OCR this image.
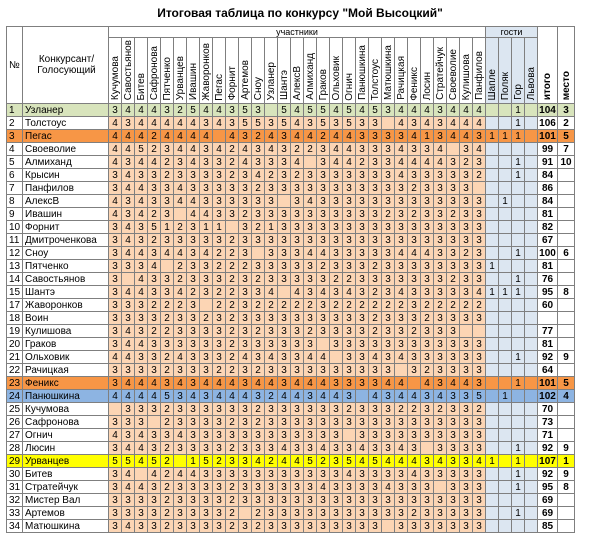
Итоговая таблица по конкурсу "Мой Высоцкий"
№	Конкурсант/ Голосующий	участники																													гости				итого	место
		Кучумова	Савостьянов	Битев	Сафронова	Пятченко	Урванцев	Ивашин	Жаворонков	Пегас	Форнит	Артемов	Сноу	Узланер	Шантэ	АлексВ	Алмиханд	Граков	Ольховик	Огнич	Панюшкина	Толстоус	Матюшкина	Рачицкая	Феникс	Лосин	Стратейчук	Своеволие	Кулишова	Панфилов	Шапле	Поляк	Гор	Львова		
1	Узланер	3	4	4	4	3	2	5	4	4	3	5	3		5	4	5	5	4	5	4	5	3	4	4	4	3	4	4	4			1		104	3
2	Толстоус	4	3	4	4	4	4	4	3	4	3	5	5	3	5	4	3	5	3	5	3	3		4	3	4	3	4	4	4			1		106	2
3	Пегас	4	4	4	2	4	4	4	4		4	3	2	4	3	4	4	2	4	4	3	3	3	3	4	1	3	4	4	3	1	1	1		101	5
4	Своеволие	4	4	5	2	3	4	4	3	4	2	4	3	4	3	2	2	3	4	4	3	3	3	4	3	3	4		3	4					99	7
5	Алмиханд	4	3	4	4	2	3	4	3	3	2	4	3	3	3	4		3	4	4	2	3	3	4	4	4	4	3	2	3			1		91	10
6	Крысин	3	4	3	3	2	3	3	3	3	2	3	4	2	3	2	3	3	3	3	3	3	3	4	3	3	3	3	3	2			1		84	
7	Панфилов	3	4	4	3	3	4	3	3	3	3	3	2	3	3	3	3	3	3	3	3	3	3	3	2	3	3	3	3						86	
8	АлексВ	4	3	4	3	3	4	4	3	3	3	3	3	3		3	4	3	3	3	3	3	3	3	3	3	3	3	3	3		1			84	
9	Ивашин	4	3	4	2	3		4	4	3	3	2	3	3	3	3	3	3	3	3	3	3	2	3	2	3	3	2	3	3					81	
10	Форнит	3	4	3	5	1	2	3	1	1		3	2	1	3	3	3	3	3	3	3	3	3	3	3	3	3	3	3	3					82	
11	Дмитроченкова	3	4	3	2	3	3	3	3	3	2	3	3	3	3	3	3	3	3	3	3	3	3	3	3	3	3	3	3	3					67	
12	Сноу	3	4	4	3	4	4	3	4	2	2	3		3	3	3	4	4	3	3	3	3	3	4	4	4	3	3	2	3			1		100	6
13	Пятченко	3	3	3	4		2	3	3	2	2	2	3	3	3	3	3	2	3	3	3	2	3	3	3	3	3	3	3	3	1				81	
14	Савостьянов	3		4	3	3	2	3	3	3	2	3	2	3	3	3	3	3	2	2	3	3	3	3	3	3	3	2	3	3			1		76	
15	Шантэ	3	4	4	3	3	4	2	3	2	2	3	3	4		4	3	4	3	4	3	2	3	4	3	3	3	3	3	4	1	1	1		95	8
17	Жаворонков	3	3	3	2	2	2	3		2	2	3	2	2	2	2	2	3	2	2	2	2	2	2	3	2	2	2	2	2					60	
18	Воин	3	3	3	3	2	3	3	2	3	2	3	3	3	3	3	3	3	3	3	3	2	3	3	3	2	3	3	3	3						
19	Кулишова	3	4	3	2	2	3	3	3	3	2	3	2	3	3	3	2	3	3	3	3	2	3	3	2	3	3	3							77	
20	Граков	3	4	4	3	3	3	3	3	3	2	3	3	3	3	3	3		3	3	3	3	3	3	3	3	3	3	3	3					81	
21	Ольховик	4	4	3	3	2	4	3	3	3	2	4	3	4	3	3	4	4		3	3	4	3	4	3	3	3	3	3	3			1		92	9
22	Рачицкая	3	3	3	3	2	3	3	3	2	2	3	2	3	3	3	3	3	3	3	3	3	3		3	2	3	3	3	3					64	
23	Феникс	3	4	4	4	3	4	3	4	4	4	3	4	4	3	4	4	4	3	3	3	3	4	4		4	3	4	4	3			1		101	5
24	Панюшкина	4	4	4	4	5	3	4	3	4	4	4	3	2	4	4	3	4	4	3		4	3	4	4	3	4	3	3	5		1			102	4
25	Кучумова		3	3	3	2	3	3	3	3	3	3	2	3	3	3	3	3	3	2	3	3	3	2	2	3	2	3	3	2					70	
26	Сафронова	3	3	3		2	3	3	3	3	2	3	2	3	3	3	3	3	3	3	3	3	3	3	3	3	3	3	3	3					73	
27	Огнич	4	3	4	3	3	4	3	3	3	3	3	3	3	3	3	3	3	3		3	3	3	3	3	3	3	3	3	3					71	
28	Люсин	3	4	4	3	2	3	3	3	3	2	3	3	3	4	3	3	4	3	3	4	3	3	4	3		3	3	3	3			1		92	9
29	Урванцев	5	5	4	5	2		1	5	2	3	3	4	2	4	4	5	2	3	5	4	5	4	4	4	3	4	3	3	4	1		1		107	1
30	Битев	3	4		4	2	4	4	3	3	3	3	3	3	3	3	3	3	3	4	3	3	3	3	4	3	3	3	3	3			1		92	9
31	Стратейчук	3	4	4	3	2	3	3	3	3	2	3	3	3	3	3	3	4	3	3	3	3	4	3	3	3		3	3	3			1		95	8
32	Мистер Вал	3	3	3	3	2	3	3	3	3	2	3	3	3	3	3	3	3	3	3	3	3	3	3	3	3	3	3	3	3					69	
33	Артемов	3	3	3	3	2	3	3	3	3	2		2	3	3	3	3	3	3	3	3	3	3	3	2	3	3	3	3	3			1		69	
34	Матюшкина	3	4	3	3	2	3	3	3	3	2	3	2	3	3	3	3	3	3	3	3	3		3	3	3	3	3	3	3					85	
